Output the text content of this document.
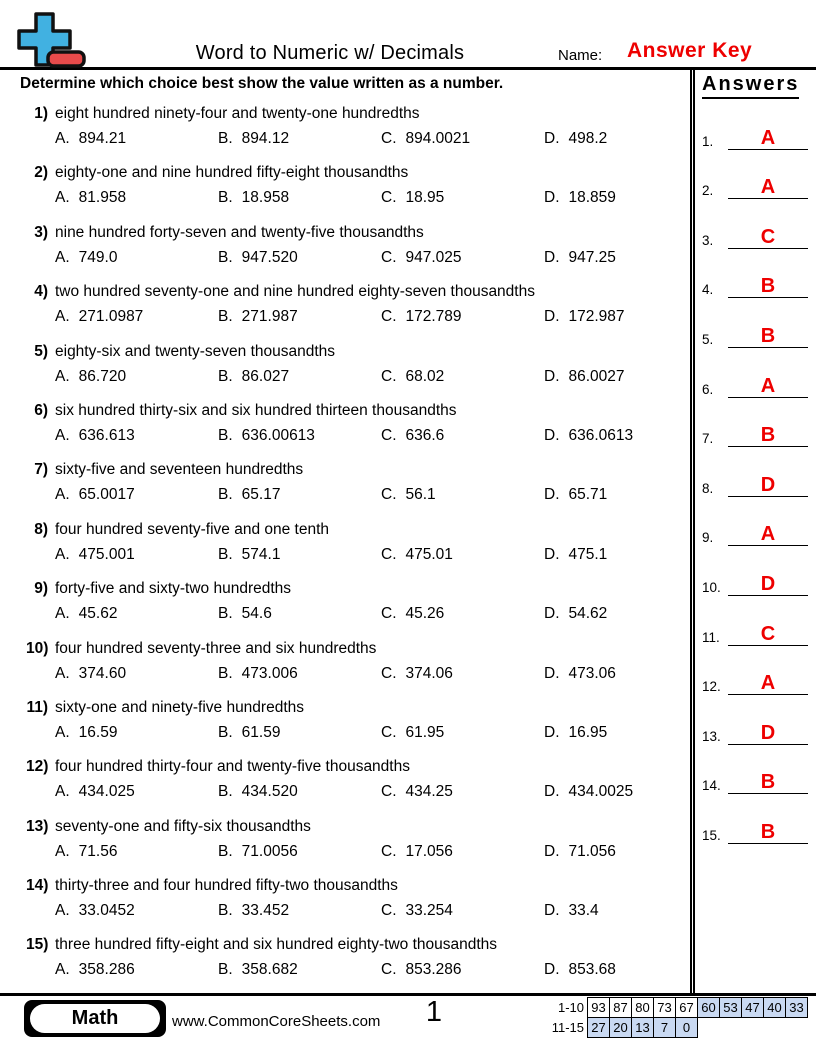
Word to Numeric w/ Decimals	Name: Answer Key
Determine which choice best show the value written as a number.
1) eight hundred ninety-four and twenty-one hundredths
A. 894.21	B. 894.12	C. 894.0021	D. 498.2
2) eighty-one and nine hundred fifty-eight thousandths
A. 81.958	B. 18.958	C. 18.95	D. 18.859
3) nine hundred forty-seven and twenty-five thousandths
A. 749.0	B. 947.520	C. 947.025	D. 947.25
4) two hundred seventy-one and nine hundred eighty-seven thousandths
A. 271.0987	B. 271.987	C. 172.789	D. 172.987
5) eighty-six and twenty-seven thousandths
A. 86.720	B. 86.027	C. 68.02	D. 86.0027
6) six hundred thirty-six and six hundred thirteen thousandths
A. 636.613	B. 636.00613	C. 636.6	D. 636.0613
7) sixty-five and seventeen hundredths
A. 65.0017	B. 65.17	C. 56.1	D. 65.71
8) four hundred seventy-five and one tenth
A. 475.001	B. 574.1	C. 475.01	D. 475.1
9) forty-five and sixty-two hundredths
A. 45.62	B. 54.6	C. 45.26	D. 54.62
10) four hundred seventy-three and six hundredths
A. 374.60	B. 473.006	C. 374.06	D. 473.06
11) sixty-one and ninety-five hundredths
A. 16.59	B. 61.59	C. 61.95	D. 16.95
12) four hundred thirty-four and twenty-five thousandths
A. 434.025	B. 434.520	C. 434.25	D. 434.0025
13) seventy-one and fifty-six thousandths
A. 71.56	B. 71.0056	C. 17.056	D. 71.056
14) thirty-three and four hundred fifty-two thousandths
A. 33.0452	B. 33.452	C. 33.254	D. 33.4
15) three hundred fifty-eight and six hundred eighty-two thousandths
A. 358.286	B. 358.682	C. 853.286	D. 853.68
Answers
1.	A
2.	A
3.	C
4.	B
5.	B
6.	A
7.	B
8.	D
9.	A
10.	D
11.	C
12.	A
13.	D
14.	B
15.	B
Math	www.CommonCoreSheets.com	1	1-10 93 87 80 73 67 60 53 47 40 33
11-15 27 20 13 7	0
